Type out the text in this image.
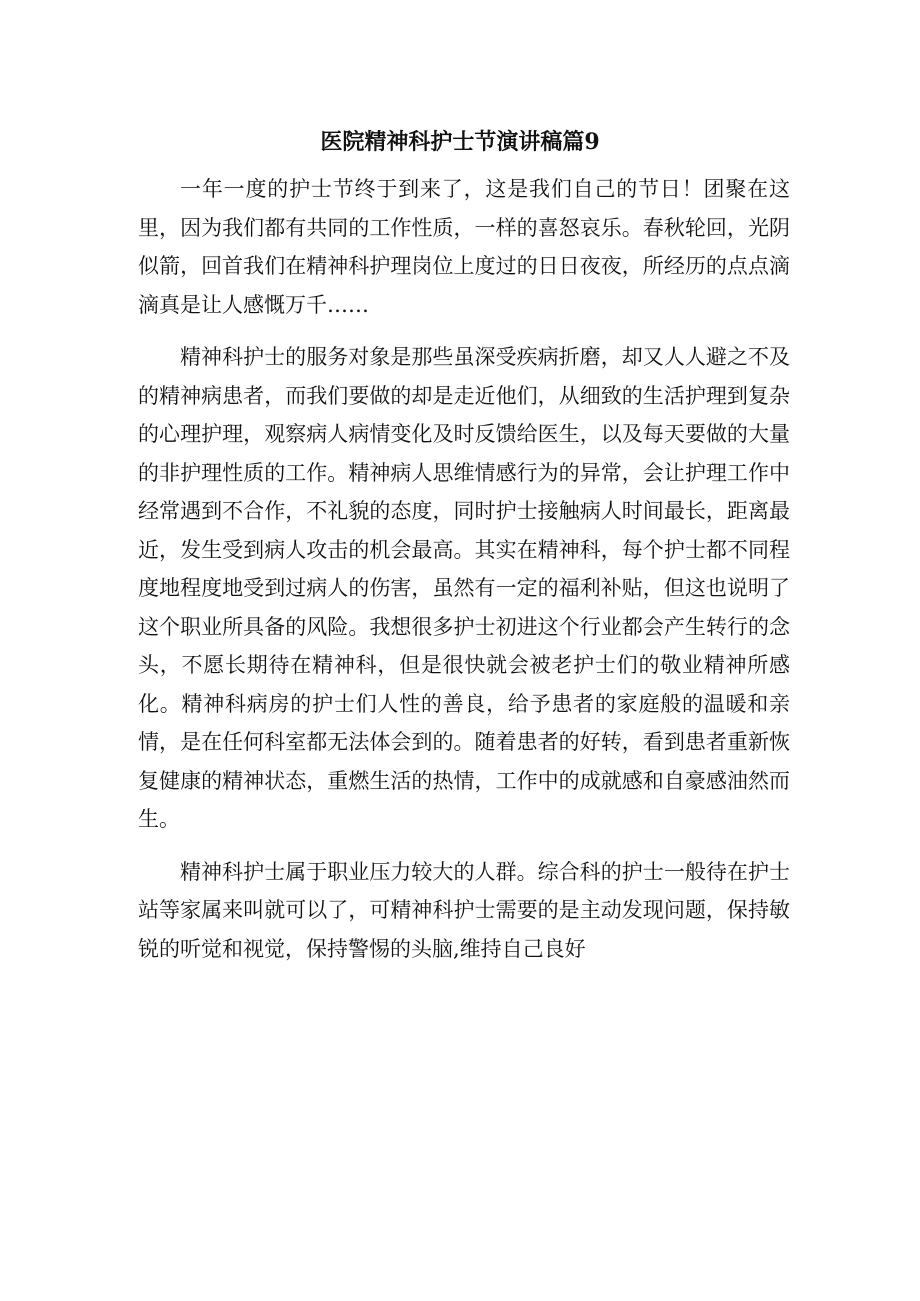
医院精神科护士节演讲稿篇9

一年一度的护士节终于到来了，这是我们自己的节日！团聚在这里，因为我们都有共同的工作性质，一样的喜怒哀乐。春秋轮回，光阴似箭，回首我们在精神科护理岗位上度过的日日夜夜，所经历的点点滴滴真是让人感慨万千……

精神科护士的服务对象是那些虽深受疾病折磨，却又人人避之不及的精神病患者，而我们要做的却是走近他们，从细致的生活护理到复杂的心理护理，观察病人病情变化及时反馈给医生，以及每天要做的大量的非护理性质的工作。精神病人思维情感行为的异常，会让护理工作中经常遇到不合作，不礼貌的态度，同时护士接触病人时间最长，距离最近，发生受到病人攻击的机会最高。其实在精神科，每个护士都不同程度地程度地受到过病人的伤害，虽然有一定的福利补贴，但这也说明了这个职业所具备的风险。我想很多护士初进这个行业都会产生转行的念头，不愿长期待在精神科，但是很快就会被老护士们的敬业精神所感化。精神科病房的护士们人性的善良，给予患者的家庭般的温暖和亲情，是在任何科室都无法体会到的。随着患者的好转，看到患者重新恢复健康的精神状态，重燃生活的热情，工作中的成就感和自豪感油然而生。

精神科护士属于职业压力较大的人群。综合科的护士一般待在护士站等家属来叫就可以了，可精神科护士需要的是主动发现问题，保持敏锐的听觉和视觉，保持警惕的头脑,维持自己良好
